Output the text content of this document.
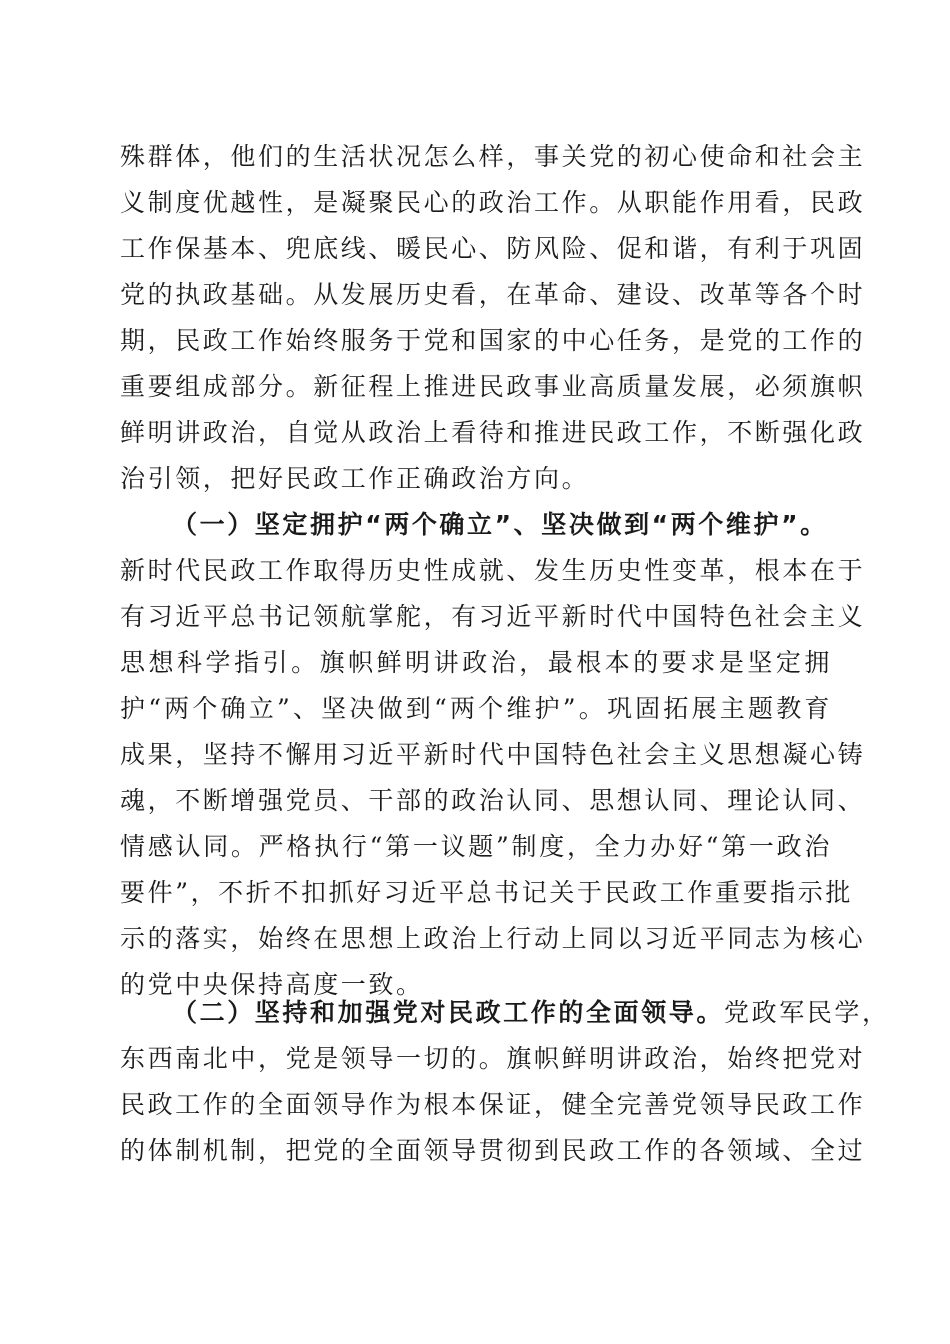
殊群体，他们的生活状况怎么样，事关党的初心使命和社会主
义制度优越性，是凝聚民心的政治工作。从职能作用看，民政
工作保基本、兜底线、暖民心、防风险、促和谐，有利于巩固
党的执政基础。从发展历史看，在革命、建设、改革等各个时
期，民政工作始终服务于党和国家的中心任务，是党的工作的
重要组成部分。新征程上推进民政事业高质量发展，必须旗帜
鲜明讲政治，自觉从政治上看待和推进民政工作，不断强化政
治引领，把好民政工作正确政治方向。
（一）坚定拥护“两个确立”、坚决做到“两个维护”。
新时代民政工作取得历史性成就、发生历史性变革，根本在于
有习近平总书记领航掌舵，有习近平新时代中国特色社会主义
思想科学指引。旗帜鲜明讲政治，最根本的要求是坚定拥
护“两个确立”、坚决做到“两个维护”。巩固拓展主题教育
成果，坚持不懈用习近平新时代中国特色社会主义思想凝心铸
魂，不断增强党员、干部的政治认同、思想认同、理论认同、
情感认同。严格执行“第一议题”制度，全力办好“第一政治
要件”，不折不扣抓好习近平总书记关于民政工作重要指示批
示的落实，始终在思想上政治上行动上同以习近平同志为核心
的党中央保持高度一致。
（二）坚持和加强党对民政工作的全面领导。党政军民学，
东西南北中，党是领导一切的。旗帜鲜明讲政治，始终把党对
民政工作的全面领导作为根本保证，健全完善党领导民政工作
的体制机制，把党的全面领导贯彻到民政工作的各领域、全过
